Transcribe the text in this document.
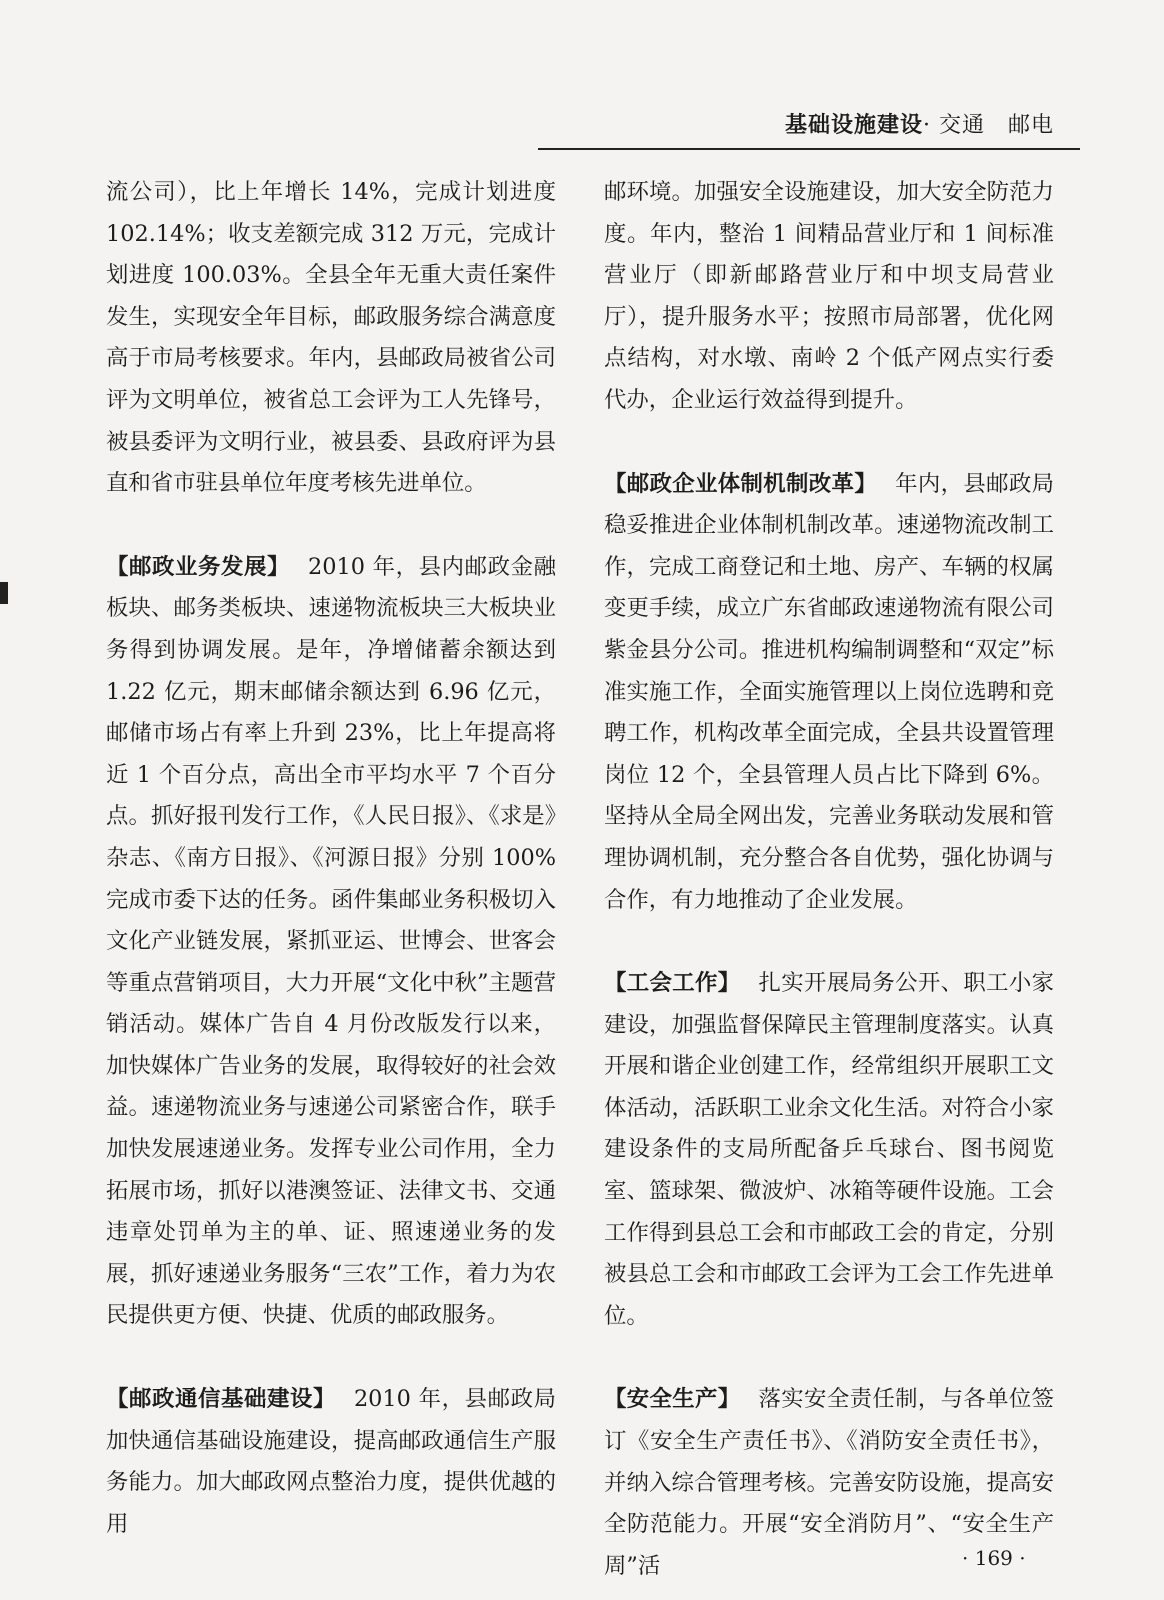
基础设施建设· 交通　邮电

流公司），比上年增长 14%，完成计划进度 102.14%；收支差额完成 312 万元，完成计划进度 100.03%。全县全年无重大责任案件发生，实现安全年目标，邮政服务综合满意度高于市局考核要求。年内，县邮政局被省公司评为文明单位，被省总工会评为工人先锋号，被县委评为文明行业，被县委、县政府评为县直和省市驻县单位年度考核先进单位。

【邮政业务发展】 2010 年，县内邮政金融板块、邮务类板块、速递物流板块三大板块业务得到协调发展。是年，净增储蓄余额达到 1.22 亿元，期末邮储余额达到 6.96 亿元，邮储市场占有率上升到 23%，比上年提高将近 1 个百分点，高出全市平均水平 7 个百分点。抓好报刊发行工作，《人民日报》、《求是》杂志、《南方日报》、《河源日报》分别 100%完成市委下达的任务。函件集邮业务积极切入文化产业链发展，紧抓亚运、世博会、世客会等重点营销项目，大力开展“文化中秋”主题营销活动。媒体广告自 4 月份改版发行以来，加快媒体广告业务的发展，取得较好的社会效益。速递物流业务与速递公司紧密合作，联手加快发展速递业务。发挥专业公司作用，全力拓展市场，抓好以港澳签证、法律文书、交通违章处罚单为主的单、证、照速递业务的发展，抓好速递业务服务“三农”工作，着力为农民提供更方便、快捷、优质的邮政服务。

【邮政通信基础建设】 2010 年，县邮政局加快通信基础设施建设，提高邮政通信生产服务能力。加大邮政网点整治力度，提供优越的用

邮环境。加强安全设施建设，加大安全防范力度。年内，整治 1 间精品营业厅和 1 间标准营业厅（即新邮路营业厅和中坝支局营业厅），提升服务水平；按照市局部署，优化网点结构，对水墩、南岭 2 个低产网点实行委代办，企业运行效益得到提升。

【邮政企业体制机制改革】 年内，县邮政局稳妥推进企业体制机制改革。速递物流改制工作，完成工商登记和土地、房产、车辆的权属变更手续，成立广东省邮政速递物流有限公司紫金县分公司。推进机构编制调整和“双定”标准实施工作，全面实施管理以上岗位选聘和竞聘工作，机构改革全面完成，全县共设置管理岗位 12 个，全县管理人员占比下降到 6%。坚持从全局全网出发，完善业务联动发展和管理协调机制，充分整合各自优势，强化协调与合作，有力地推动了企业发展。

【工会工作】 扎实开展局务公开、职工小家建设，加强监督保障民主管理制度落实。认真开展和谐企业创建工作，经常组织开展职工文体活动，活跃职工业余文化生活。对符合小家建设条件的支局所配备乒乓球台、图书阅览室、篮球架、微波炉、冰箱等硬件设施。工会工作得到县总工会和市邮政工会的肯定，分别被县总工会和市邮政工会评为工会工作先进单位。

【安全生产】 落实安全责任制，与各单位签订《安全生产责任书》、《消防安全责任书》，并纳入综合管理考核。完善安防设施，提高安全防范能力。开展“安全消防月”、“安全生产周”活	· 169 ·
